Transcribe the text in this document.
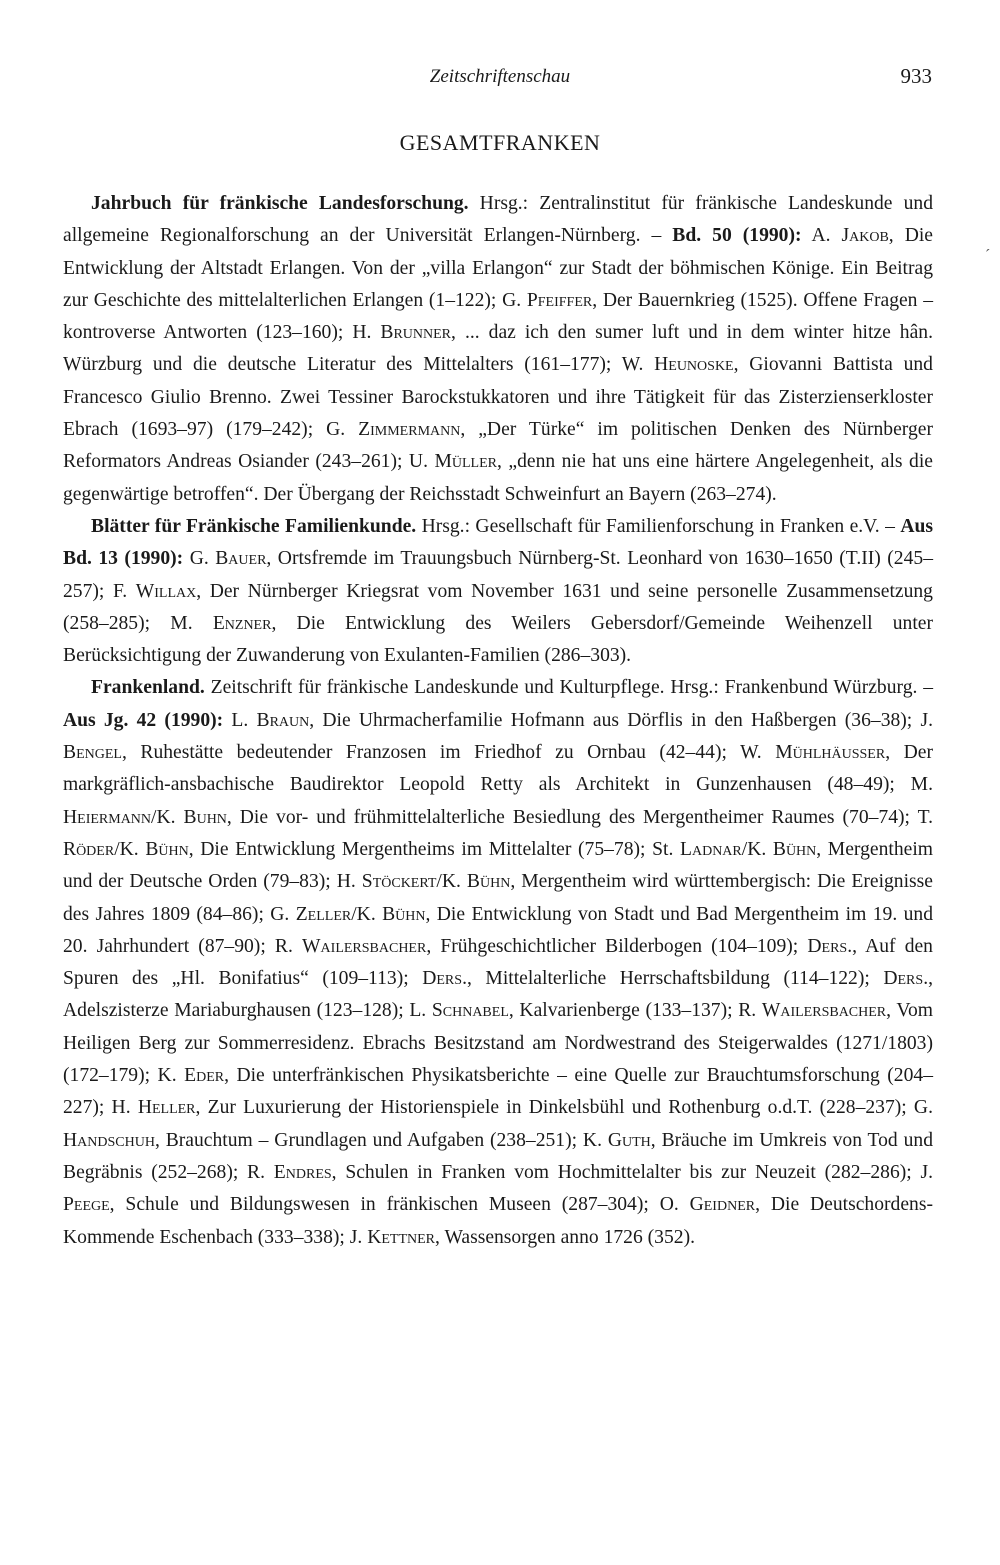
Zeitschriftenschau	933
GESAMTFRANKEN
´

Jahrbuch für fränkische Landesforschung. Hrsg.: Zentralinstitut für fränkische Landeskunde und allgemeine Regionalforschung an der Universität Erlangen-Nürnberg. – Bd. 50 (1990): A. Jakob, Die Entwicklung der Altstadt Erlangen. Von der „villa Erlangon“ zur Stadt der böhmischen Könige. Ein Beitrag zur Geschichte des mittelalterlichen Erlangen (1–122); G. Pfeiffer, Der Bauernkrieg (1525). Offene Fragen – kontroverse Antworten (123–160); H. Brunner, ... daz ich den sumer luft und in dem winter hitze hân. Würzburg und die deutsche Literatur des Mittelalters (161–177); W. Heunoske, Giovanni Battista und Francesco Giulio Brenno. Zwei Tessiner Barockstukkatoren und ihre Tätigkeit für das Zisterzienserkloster Ebrach (1693–97) (179–242); G. Zimmermann, „Der Türke“ im politischen Denken des Nürnberger Reformators Andreas Osiander (243–261); U. Müller, „denn nie hat uns eine härtere Angelegenheit, als die gegenwärtige betroffen“. Der Übergang der Reichsstadt Schweinfurt an Bayern (263–274).

Blätter für Fränkische Familienkunde. Hrsg.: Gesellschaft für Familienforschung in Franken e.V. – Aus Bd. 13 (1990): G. Bauer, Ortsfremde im Trauungsbuch Nürnberg-St. Leonhard von 1630–1650 (T.II) (245–257); F. Willax, Der Nürnberger Kriegsrat vom November 1631 und seine personelle Zusammensetzung (258–285); M. Enzner, Die Entwicklung des Weilers Gebersdorf/Gemeinde Weihenzell unter Berücksichtigung der Zuwanderung von Exulanten-Familien (286–303).

Frankenland. Zeitschrift für fränkische Landeskunde und Kulturpflege. Hrsg.: Frankenbund Würzburg. – Aus Jg. 42 (1990): L. Braun, Die Uhrmacherfamilie Hofmann aus Dörflis in den Haßbergen (36–38); J. Bengel, Ruhestätte bedeutender Franzosen im Friedhof zu Ornbau (42–44); W. Mühlhäusser, Der markgräflich-ansbachische Baudirektor Leopold Retty als Architekt in Gunzenhausen (48–49); M. Heiermann/K. Buhn, Die vor- und frühmittelalterliche Besiedlung des Mergentheimer Raumes (70–74); T. Röder/K. Bühn, Die Entwicklung Mergentheims im Mittelalter (75–78); St. Ladnar/K. Bühn, Mergentheim und der Deutsche Orden (79–83); H. Stöckert/K. Bühn, Mergentheim wird württembergisch: Die Ereignisse des Jahres 1809 (84–86); G. Zeller/K. Bühn, Die Entwicklung von Stadt und Bad Mergentheim im 19. und 20. Jahrhundert (87–90); R. Wailersbacher, Frühgeschichtlicher Bilderbogen (104–109); Ders., Auf den Spuren des „Hl. Bonifatius“ (109–113); Ders., Mittelalterliche Herrschaftsbildung (114–122); Ders., Adelszisterze Mariaburghausen (123–128); L. Schnabel, Kalvarienberge (133–137); R. Wailersbacher, Vom Heiligen Berg zur Sommerresidenz. Ebrachs Besitzstand am Nordwestrand des Steigerwaldes (1271/1803) (172–179); K. Eder, Die unterfränkischen Physikatsberichte – eine Quelle zur Brauchtumsforschung (204–227); H. Heller, Zur Luxurierung der Historienspiele in Dinkelsbühl und Rothenburg o.d.T. (228–237); G. Handschuh, Brauchtum – Grundlagen und Aufgaben (238–251); K. Guth, Bräuche im Umkreis von Tod und Begräbnis (252–268); R. Endres, Schulen in Franken vom Hochmittelalter bis zur Neuzeit (282–286); J. Peege, Schule und Bildungswesen in fränkischen Museen (287–304); O. Geidner, Die Deutschordens-Kommende Eschenbach (333–338); J. Kettner, Wassensorgen anno 1726 (352).
